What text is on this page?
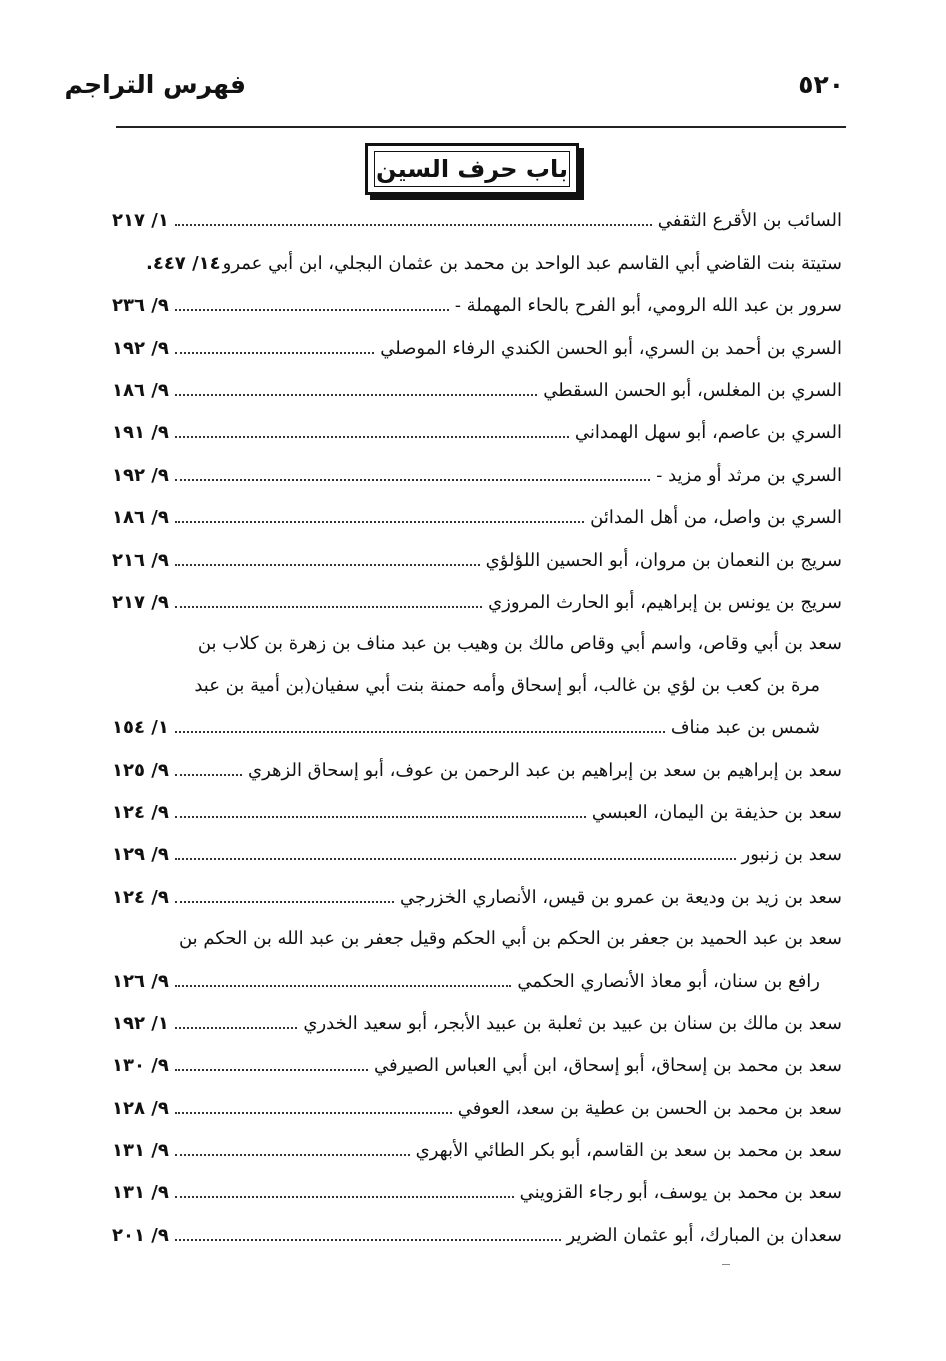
فهرس التراجم	٥٢٠
باب حرف السين
السائب بن الأقرع الثقفي
١/ ٢١٧
ستيتة بنت القاضي أبي القاسم عبد الواحد بن محمد بن عثمان البجلي، ابن أبي عمرو
.١٤/ ٤٤٧
سرور بن عبد الله الرومي، أبو الفرح بالحاء المهملة -
٩/ ٢٣٦
السري بن أحمد بن السري، أبو الحسن الكندي الرفاء الموصلي
٩/ ١٩٢
السري بن المغلس، أبو الحسن السقطي
٩/ ١٨٦
السري بن عاصم، أبو سهل الهمداني
٩/ ١٩١
السري بن مرثد أو مزيد -
٩/ ١٩٢
السري بن واصل، من أهل المدائن
٩/ ١٨٦
سريج بن النعمان بن مروان، أبو الحسين اللؤلؤي
٩/ ٢١٦
سريج بن يونس بن إبراهيم، أبو الحارث المروزي
٩/ ٢١٧
سعد بن أبي وقاص، واسم أبي وقاص مالك بن وهيب بن عبد مناف بن زهرة بن كلاب بن
مرة بن كعب بن لؤي بن غالب، أبو إسحاق وأمه حمنة بنت أبي سفيان(بن أمية بن عبد
شمس بن عبد مناف
١/ ١٥٤
سعد بن إبراهيم بن سعد بن إبراهيم بن عبد الرحمن بن عوف، أبو إسحاق الزهري
٩/ ١٢٥
سعد بن حذيفة بن اليمان، العبسي
٩/ ١٢٤
سعد بن زنبور
٩/ ١٢٩
سعد بن زيد بن وديعة بن عمرو بن قيس، الأنصاري الخزرجي
٩/ ١٢٤
سعد بن عبد الحميد بن جعفر بن الحكم بن أبي الحكم وقيل جعفر بن عبد الله بن الحكم بن
رافع بن سنان، أبو معاذ الأنصاري الحكمي
٩/ ١٢٦
سعد بن مالك بن سنان بن عبيد بن ثعلبة بن عبيد الأبجر، أبو سعيد الخدري
١/ ١٩٢
سعد بن محمد بن إسحاق، أبو إسحاق، ابن أبي العباس الصيرفي
٩/ ١٣٠
سعد بن محمد بن الحسن بن عطية بن سعد، العوفي
٩/ ١٢٨
سعد بن محمد بن سعد بن القاسم، أبو بكر الطائي الأبهري
٩/ ١٣١
سعد بن محمد بن يوسف، أبو رجاء القزويني
٩/ ١٣١
سعدان بن المبارك، أبو عثمان الضرير
٩/ ٢٠١
